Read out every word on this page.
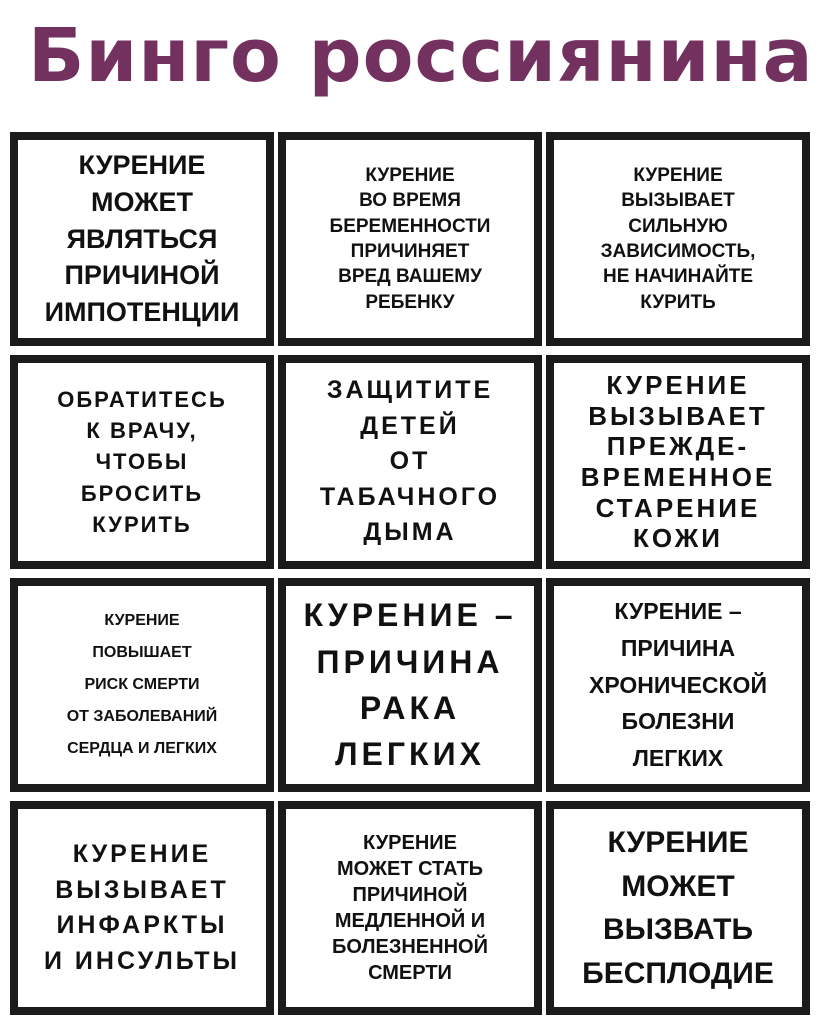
Бинго россиянина
КУРЕНИЕ
МОЖЕТ
ЯВЛЯТЬСЯ
ПРИЧИНОЙ
ИМПОТЕНЦИИ
КУРЕНИЕ
ВО ВРЕМЯ
БЕРЕМЕННОСТИ
ПРИЧИНЯЕТ
ВРЕД ВАШЕМУ
РЕБЕНКУ
КУРЕНИЕ
ВЫЗЫВАЕТ
СИЛЬНУЮ
ЗАВИСИМОСТЬ,
НЕ НАЧИНАЙТЕ
КУРИТЬ
ОБРАТИТЕСЬ
К ВРАЧУ,
ЧТОБЫ
БРОСИТЬ
КУРИТЬ
ЗАЩИТИТЕ
ДЕТЕЙ
ОТ
ТАБАЧНОГО
ДЫМА
КУРЕНИЕ
ВЫЗЫВАЕТ
ПРЕЖДЕ-
ВРЕМЕННОЕ
СТАРЕНИЕ
КОЖИ
КУРЕНИЕ
ПОВЫШАЕТ
РИСК СМЕРТИ
ОТ ЗАБОЛЕВАНИЙ
СЕРДЦА И ЛЕГКИХ
КУРЕНИЕ –
ПРИЧИНА
РАКА
ЛЕГКИХ
КУРЕНИЕ –
ПРИЧИНА
ХРОНИЧЕСКОЙ
БОЛЕЗНИ
ЛЕГКИХ
КУРЕНИЕ
ВЫЗЫВАЕТ
ИНФАРКТЫ
И ИНСУЛЬТЫ
КУРЕНИЕ
МОЖЕТ СТАТЬ
ПРИЧИНОЙ
МЕДЛЕННОЙ И
БОЛЕЗНЕННОЙ
СМЕРТИ
КУРЕНИЕ
МОЖЕТ
ВЫЗВАТЬ
БЕСПЛОДИЕ
